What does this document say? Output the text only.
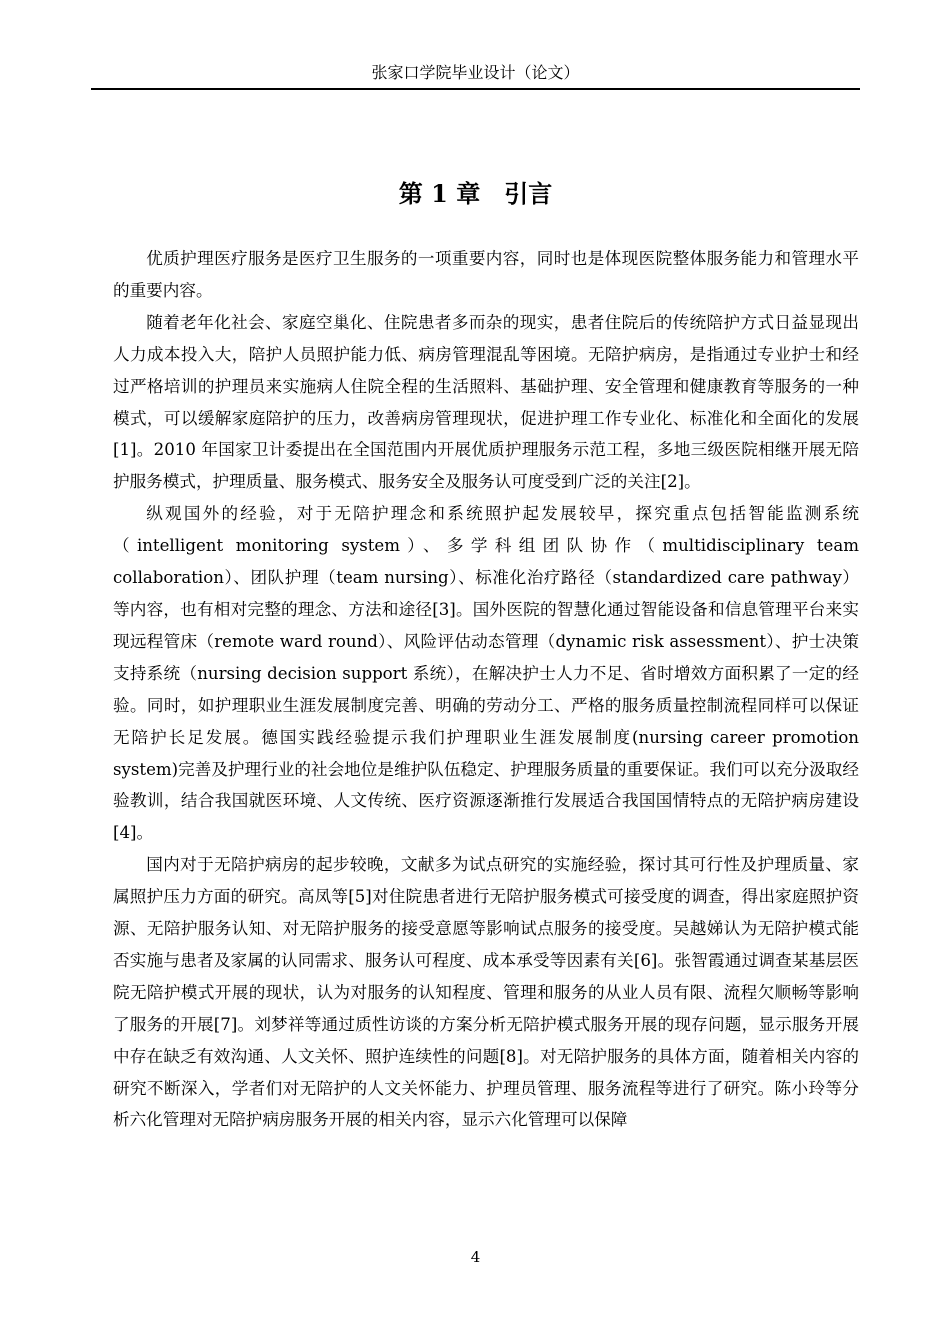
张家口学院毕业设计（论文）
第 1 章　引言

优质护理医疗服务是医疗卫生服务的一项重要内容，同时也是体现医院整体服务能力和管理水平的重要内容。

随着老年化社会、家庭空巢化、住院患者多而杂的现实，患者住院后的传统陪护方式日益显现出人力成本投入大，陪护人员照护能力低、病房管理混乱等困境。无陪护病房，是指通过专业护士和经过严格培训的护理员来实施病人住院全程的生活照料、基础护理、安全管理和健康教育等服务的一种模式，可以缓解家庭陪护的压力，改善病房管理现状，促进护理工作专业化、标准化和全面化的发展[1]。2010 年国家卫计委提出在全国范围内开展优质护理服务示范工程，多地三级医院相继开展无陪护服务模式，护理质量、服务模式、服务安全及服务认可度受到广泛的关注[2]。

纵观国外的经验，对于无陪护理念和系统照护起发展较早，探究重点包括智能监测系统（intelligent monitoring system）、多学科组团队协作（multidisciplinary team collaboration）、团队护理（team nursing）、标准化治疗路径（standardized care pathway）等内容，也有相对完整的理念、方法和途径[3]。国外医院的智慧化通过智能设备和信息管理平台来实现远程管床（remote ward round）、风险评估动态管理（dynamic risk assessment）、护士决策支持系统（nursing decision support 系统），在解决护士人力不足、省时增效方面积累了一定的经验。同时，如护理职业生涯发展制度完善、明确的劳动分工、严格的服务质量控制流程同样可以保证无陪护长足发展。德国实践经验提示我们护理职业生涯发展制度(nursing career promotion system)完善及护理行业的社会地位是维护队伍稳定、护理服务质量的重要保证。我们可以充分汲取经验教训，结合我国就医环境、人文传统、医疗资源逐渐推行发展适合我国国情特点的无陪护病房建设[4]。

国内对于无陪护病房的起步较晚，文献多为试点研究的实施经验，探讨其可行性及护理质量、家属照护压力方面的研究。高凤等[5]对住院患者进行无陪护服务模式可接受度的调查，得出家庭照护资源、无陪护服务认知、对无陪护服务的接受意愿等影响试点服务的接受度。吴越娣认为无陪护模式能否实施与患者及家属的认同需求、服务认可程度、成本承受等因素有关[6]。张智霞通过调查某基层医院无陪护模式开展的现状，认为对服务的认知程度、管理和服务的从业人员有限、流程欠顺畅等影响了服务的开展[7]。刘梦祥等通过质性访谈的方案分析无陪护模式服务开展的现存问题，显示服务开展中存在缺乏有效沟通、人文关怀、照护连续性的问题[8]。对无陪护服务的具体方面，随着相关内容的研究不断深入，学者们对无陪护的人文关怀能力、护理员管理、服务流程等进行了研究。陈小玲等分析六化管理对无陪护病房服务开展的相关内容，显示六化管理可以保障

4
